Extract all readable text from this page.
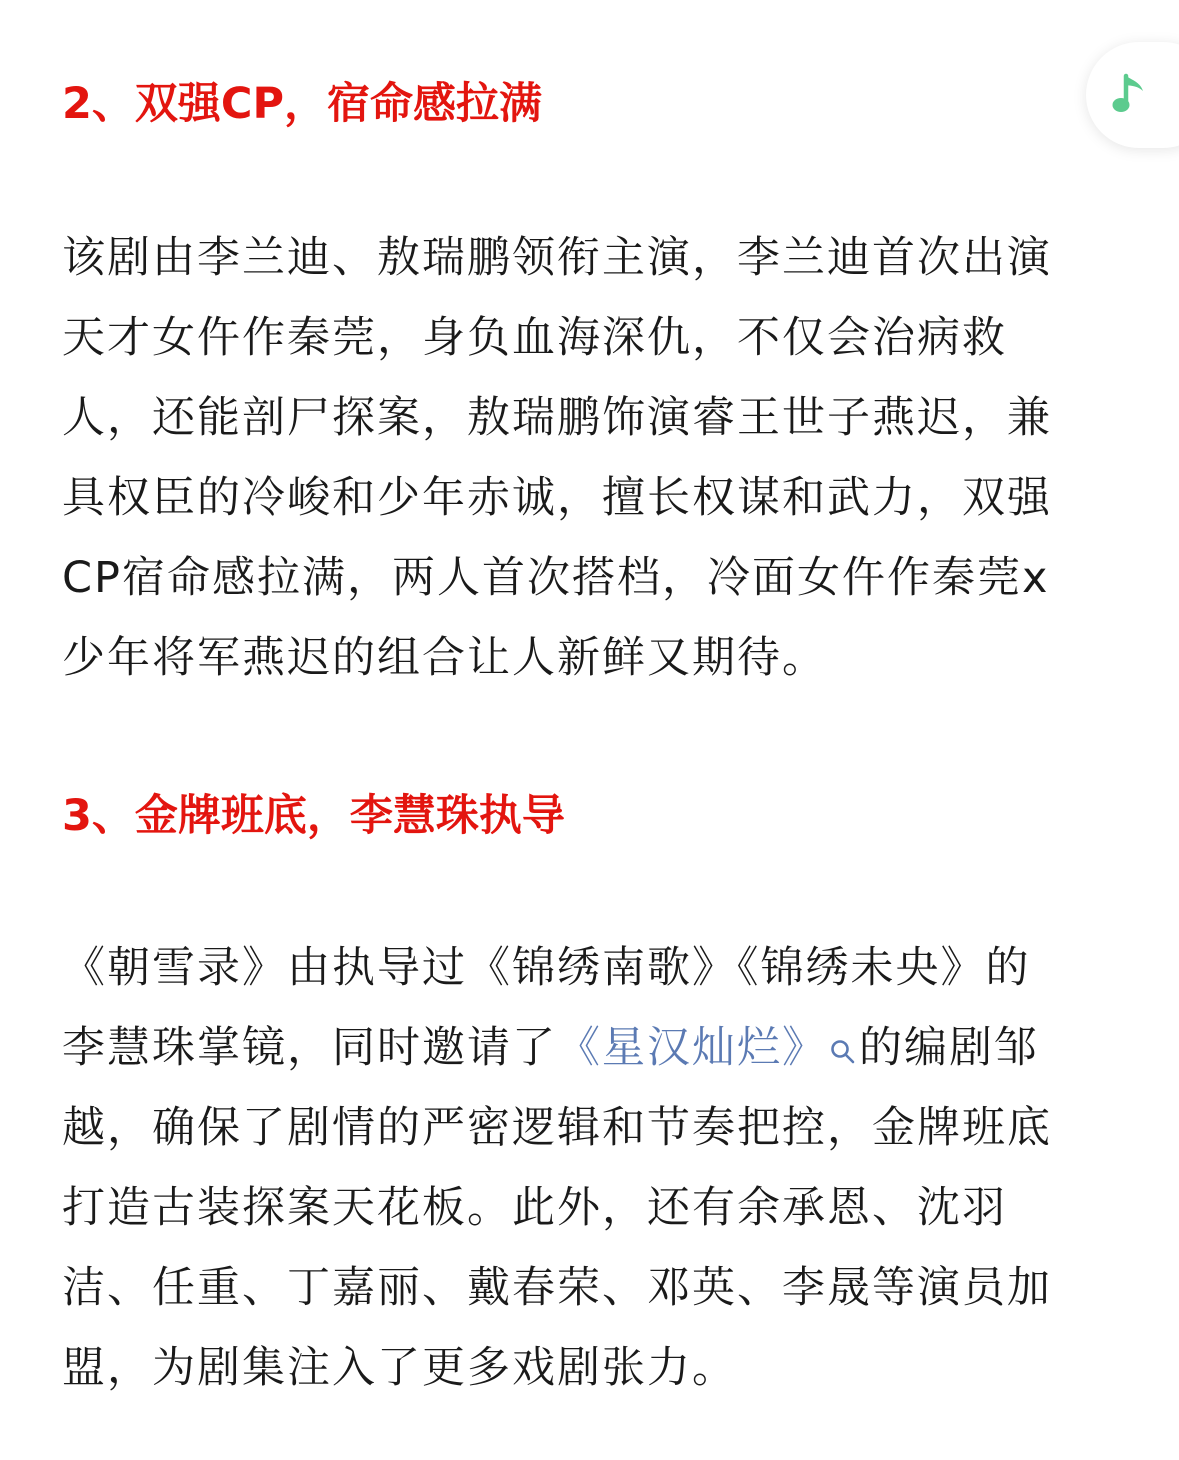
2、双强CP，宿命感拉满
该剧由李兰迪、敖瑞鹏领衔主演，李兰迪首次出演
天才女仵作秦莞，身负血海深仇，不仅会治病救
人，还能剖尸探案，敖瑞鹏饰演睿王世子燕迟，兼
具权臣的冷峻和少年赤诚，擅长权谋和武力，双强
CP宿命感拉满，两人首次搭档，冷面女仵作秦莞x
少年将军燕迟的组合让人新鲜又期待。
3、金牌班底，李慧珠执导
《朝雪录》由执导过《锦绣南歌》《锦绣未央》的
李慧珠掌镜，同时邀请了《星汉灿烂》 的编剧邹
越，确保了剧情的严密逻辑和节奏把控，金牌班底
打造古装探案天花板。此外，还有余承恩、沈羽
洁、任重、丁嘉丽、戴春荣、邓英、李晟等演员加
盟，为剧集注入了更多戏剧张力。
